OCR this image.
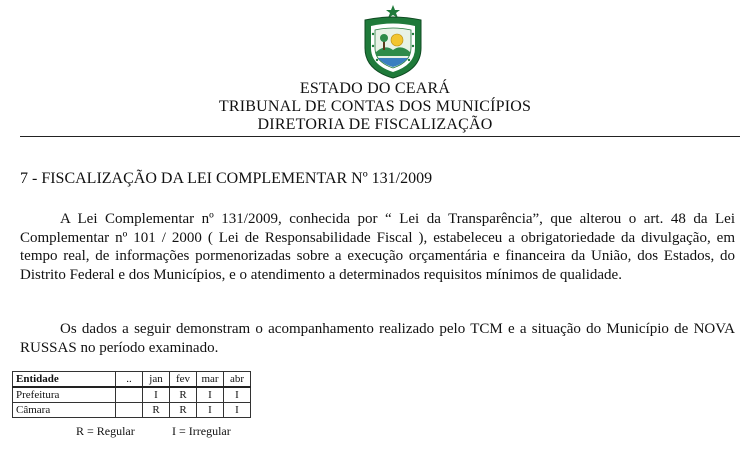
ESTADO DO CEARÁ
TRIBUNAL DE CONTAS DOS MUNICÍPIOS
DIRETORIA DE FISCALIZAÇÃO
7 - FISCALIZAÇÃO DA LEI COMPLEMENTAR Nº 131/2009

A Lei Complementar nº 131/2009, conhecida por “ Lei da Transparência”, que alterou o art. 48 da Lei Complementar nº 101 / 2000 ( Lei de Responsabilidade Fiscal ), estabeleceu a obrigatoriedade da divulgação, em tempo real, de informações pormenorizadas sobre a execução orçamentária e financeira da União, dos Estados, do Distrito Federal e dos Municípios, e o atendimento a determinados requisitos mínimos de qualidade.

Os dados a seguir demonstram o acompanhamento realizado pelo TCM e a situação do Município de NOVA RUSSAS no período examinado.

Entidade	..	jan	fev	mar	abr
Prefeitura		I	R	I	I
Câmara		R	R	I	I
R = Regular	I = Irregular
